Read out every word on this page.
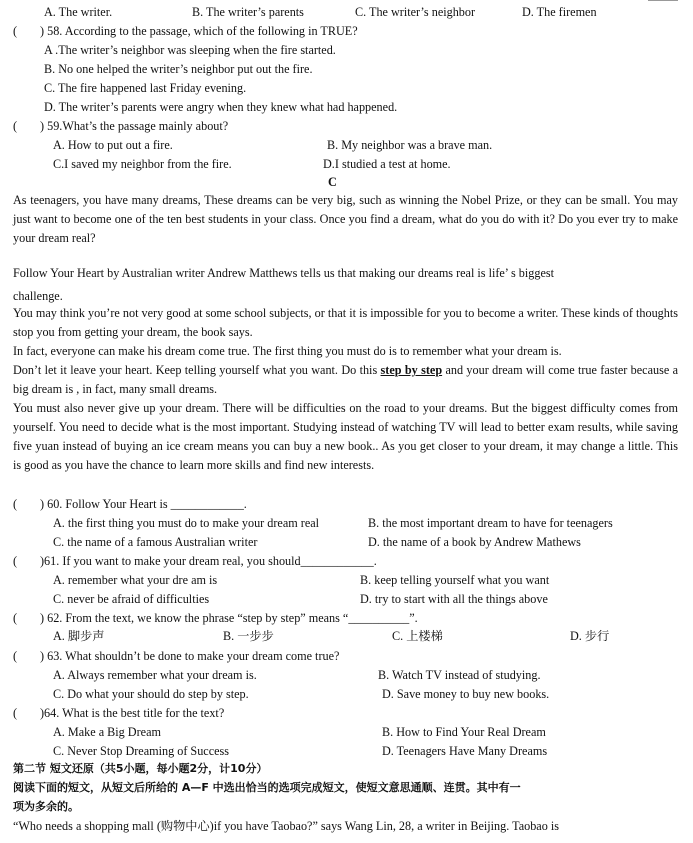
A. The writer.	B. The writer’s parents	C. The writer’s neighbor	D. The firemen
( ) 58. According to the passage, which of the following in TRUE?
A .The writer’s neighbor was sleeping when the fire started.
B. No one helped the writer’s neighbor put out the fire.
C. The fire happened last Friday evening.
D. The writer’s parents were angry when they knew what had happened.
( ) 59.What’s the passage mainly about?
A. How to put out a fire.	B. My neighbor was a brave man.
C.I saved my neighbor from the fire.	D.I studied a test at home.
C
As teenagers, you have many dreams, These dreams can be very big, such as winning the Nobel Prize, or they can be small. You may just want to become one of the ten best students in your class. Once you find a dream, what do you do with it? Do you ever try to make your dream real?
Follow Your Heart by Australian writer Andrew Matthews tells us that making our dreams real is life’ s biggest
challenge.
You may think you’re not very good at some school subjects, or that it is impossible for you to become a writer. These kinds of thoughts stop you from getting your dream, the book says.
In fact, everyone can make his dream come true. The first thing you must do is to remember what your dream is.
Don’t let it leave your heart. Keep telling yourself what you want. Do this step by step and your dream will come true faster because a big dream is , in fact, many small dreams.
You must also never give up your dream. There will be difficulties on the road to your dreams. But the biggest difficulty comes from yourself. You need to decide what is the most important. Studying instead of watching TV will lead to better exam results, while saving five yuan instead of buying an ice cream means you can buy a new book.. As you get closer to your dream, it may change a little. This is good as you have the chance to learn more skills and find new interests.
( ) 60. Follow Your Heart is ____________.
A. the first thing you must do to make your dream real	B. the most important dream to have for teenagers
C. the name of a famous Australian writer	D. the name of a book by Andrew Mathews
( )61. If you want to make your dream real, you should____________.
A. remember what your dre am is	B. keep telling yourself what you want
C. never be afraid of difficulties	D. try to start with all the things above
( ) 62. From the text, we know the phrase “step by step” means “__________”.
A. 脚步声	B. 一步步	C. 上楼梯	D. 步行
( ) 63. What shouldn’t be done to make your dream come true?
A. Always remember what your dream is.	B. Watch TV instead of studying.
C. Do what your should do step by step.	D. Save money to buy new books.
( )64. What is the best title for the text?
A. Make a Big Dream	B. How to Find Your Real Dream
C. Never Stop Dreaming of Success	D. Teenagers Have Many Dreams
第二节 短文还原（共5小题，每小题2分，计10分）
阅读下面的短文，从短文后所给的 A—F 中选出恰当的选项完成短文，使短文意思通顺、连贯。其中有一
项为多余的。
“Who needs a shopping mall (购物中心)if you have Taobao?” says Wang Lin, 28, a writer in Beijing. Taobao is
